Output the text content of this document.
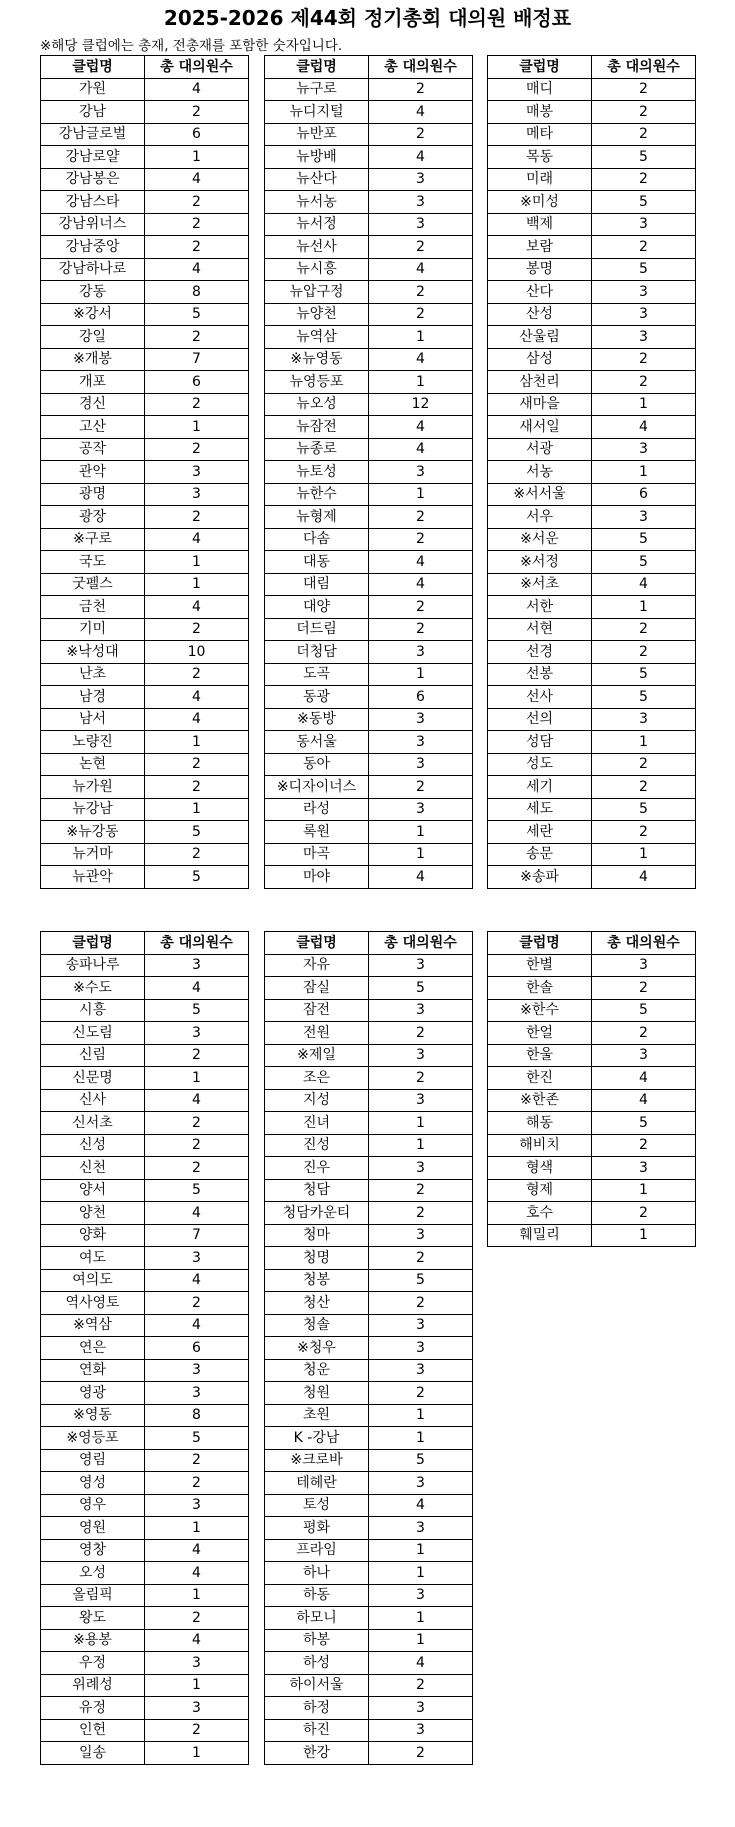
2025-2026 제44회 정기총회 대의원 배정표
※해당 클럽에는 총재, 전총재를 포함한 숫자입니다.
클럽명	총 대의원수
가원	4
강남	2
강남글로벌	6
강남로얄	1
강남봉은	4
강남스타	2
강남위너스	2
강남중앙	2
강남하나로	4
강동	8
※강서	5
강일	2
※개봉	7
개포	6
경신	2
고산	1
공작	2
관악	3
광명	3
광장	2
※구로	4
국도	1
굿펠스	1
금천	4
기미	2
※낙성대	10
난초	2
남경	4
남서	4
노량진	1
논현	2
뉴가원	2
뉴강남	1
※뉴강동	5
뉴거마	2
뉴관악	5
클럽명	총 대의원수
뉴구로	2
뉴디지털	4
뉴반포	2
뉴방배	4
뉴산다	3
뉴서농	3
뉴서정	3
뉴선사	2
뉴시흥	4
뉴압구정	2
뉴양천	2
뉴역삼	1
※뉴영동	4
뉴영등포	1
뉴오성	12
뉴잠전	4
뉴종로	4
뉴토성	3
뉴한수	1
뉴형제	2
다솜	2
대동	4
대림	4
대양	2
더드림	2
더청담	3
도곡	1
동광	6
※동방	3
동서울	3
동아	3
※디자이너스	2
라성	3
록원	1
마곡	1
마야	4
클럽명	총 대의원수
매디	2
매봉	2
메타	2
목동	5
미래	2
※미성	5
백제	3
보람	2
봉명	5
산다	3
산성	3
산울림	3
삼성	2
삼천리	2
새마을	1
새서일	4
서광	3
서농	1
※서서울	6
서우	3
※서운	5
※서정	5
※서초	4
서한	1
서현	2
선경	2
선봉	5
선사	5
선의	3
성담	1
성도	2
세기	2
세도	5
세란	2
송문	1
※송파	4
클럽명	총 대의원수
송파나루	3
※수도	4
시흥	5
신도림	3
신림	2
신문명	1
신사	4
신서초	2
신성	2
신천	2
양서	5
양천	4
양화	7
여도	3
여의도	4
역사영토	2
※역삼	4
연은	6
연화	3
영광	3
※영동	8
※영등포	5
영림	2
영성	2
영우	3
영원	1
영창	4
오성	4
올림픽	1
왕도	2
※용봉	4
우정	3
위례성	1
유정	3
인헌	2
일송	1
클럽명	총 대의원수
자유	3
잠실	5
잠전	3
전원	2
※제일	3
조은	2
지성	3
진녀	1
진성	1
진우	3
청담	2
청담카운티	2
청마	3
청명	2
청봉	5
청산	2
청솔	3
※청우	3
청운	3
청원	2
초원	1
K -강남	1
※크로바	5
테헤란	3
토성	4
평화	3
프라임	1
하나	1
하동	3
하모니	1
하봉	1
하성	4
하이서울	2
하정	3
하진	3
한강	2
클럽명	총 대의원수
한별	3
한솔	2
※한수	5
한얼	2
한울	3
한진	4
※한존	4
해동	5
해비치	2
형색	3
형제	1
호수	2
훼밀리	1
